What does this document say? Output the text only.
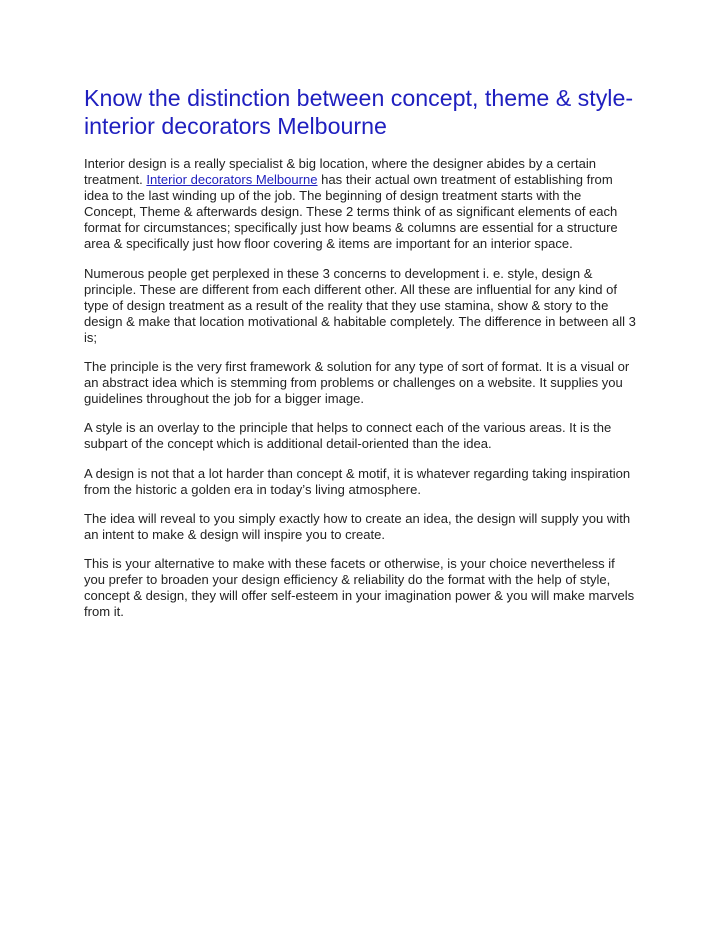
Know the distinction between concept, theme & style- interior decorators Melbourne

Interior design is a really specialist & big location, where the designer abides by a certain treatment. Interior decorators Melbourne has their actual own treatment of establishing from idea to the last winding up of the job. The beginning of design treatment starts with the Concept, Theme & afterwards design. These 2 terms think of as significant elements of each format for circumstances; specifically just how beams & columns are essential for a structure area & specifically just how floor covering & items are important for an interior space.

Numerous people get perplexed in these 3 concerns to development i. e. style, design & principle. These are different from each different other. All these are influential for any kind of type of design treatment as a result of the reality that they use stamina, show & story to the design & make that location motivational & habitable completely. The difference in between all 3 is;

The principle is the very first framework & solution for any type of sort of format. It is a visual or an abstract idea which is stemming from problems or challenges on a website. It supplies you guidelines throughout the job for a bigger image.

A style is an overlay to the principle that helps to connect each of the various areas. It is the subpart of the concept which is additional detail-oriented than the idea.

A design is not that a lot harder than concept & motif, it is whatever regarding taking inspiration from the historic a golden era in today’s living atmosphere.

The idea will reveal to you simply exactly how to create an idea, the design will supply you with an intent to make & design will inspire you to create.

This is your alternative to make with these facets or otherwise, is your choice nevertheless if you prefer to broaden your design efficiency & reliability do the format with the help of style, concept & design, they will offer self-esteem in your imagination power & you will make marvels from it.
